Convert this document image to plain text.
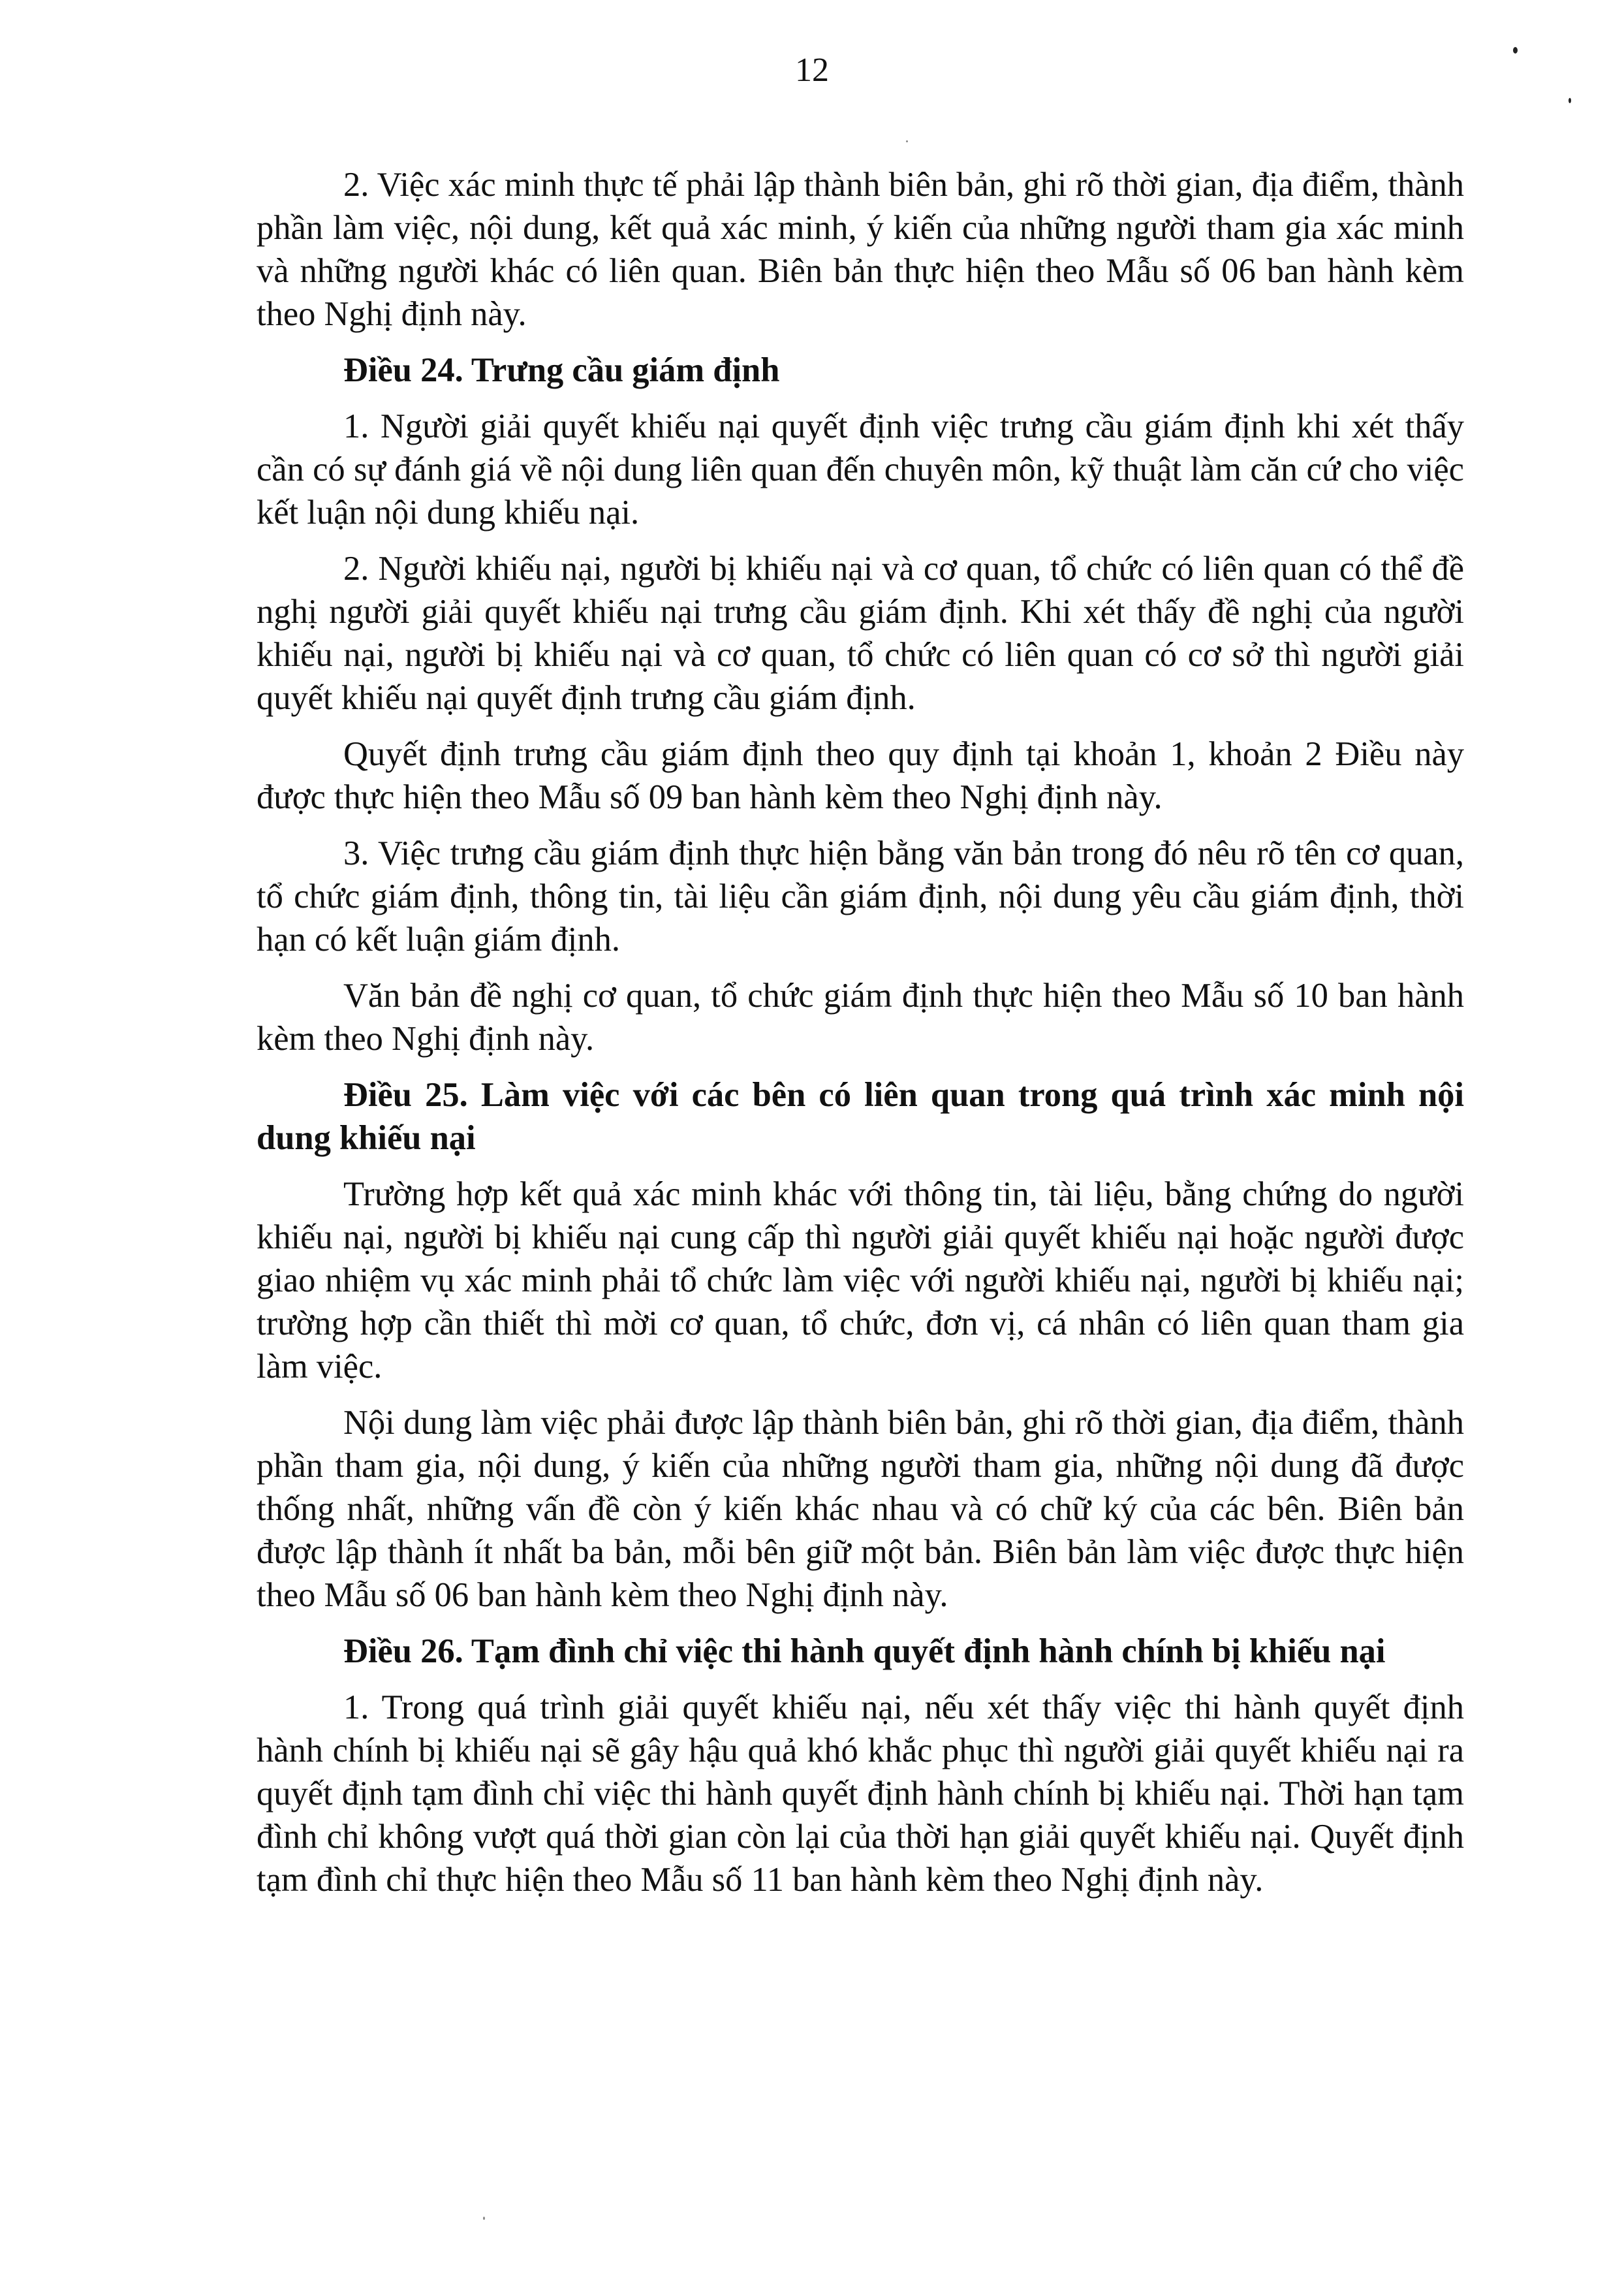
12

2. Việc xác minh thực tế phải lập thành biên bản, ghi rõ thời gian, địa điểm, thành phần làm việc, nội dung, kết quả xác minh, ý kiến của những người tham gia xác minh và những người khác có liên quan. Biên bản thực hiện theo Mẫu số 06 ban hành kèm theo Nghị định này.

Điều 24. Trưng cầu giám định

1. Người giải quyết khiếu nại quyết định việc trưng cầu giám định khi xét thấy cần có sự đánh giá về nội dung liên quan đến chuyên môn, kỹ thuật làm căn cứ cho việc kết luận nội dung khiếu nại.

2. Người khiếu nại, người bị khiếu nại và cơ quan, tổ chức có liên quan có thể đề nghị người giải quyết khiếu nại trưng cầu giám định. Khi xét thấy đề nghị của người khiếu nại, người bị khiếu nại và cơ quan, tổ chức có liên quan có cơ sở thì người giải quyết khiếu nại quyết định trưng cầu giám định.

Quyết định trưng cầu giám định theo quy định tại khoản 1, khoản 2 Điều này được thực hiện theo Mẫu số 09 ban hành kèm theo Nghị định này.

3. Việc trưng cầu giám định thực hiện bằng văn bản trong đó nêu rõ tên cơ quan, tổ chức giám định, thông tin, tài liệu cần giám định, nội dung yêu cầu giám định, thời hạn có kết luận giám định.

Văn bản đề nghị cơ quan, tổ chức giám định thực hiện theo Mẫu số 10 ban hành kèm theo Nghị định này.

Điều 25. Làm việc với các bên có liên quan trong quá trình xác minh nội dung khiếu nại

Trường hợp kết quả xác minh khác với thông tin, tài liệu, bằng chứng do người khiếu nại, người bị khiếu nại cung cấp thì người giải quyết khiếu nại hoặc người được giao nhiệm vụ xác minh phải tổ chức làm việc với người khiếu nại, người bị khiếu nại; trường hợp cần thiết thì mời cơ quan, tổ chức, đơn vị, cá nhân có liên quan tham gia làm việc.

Nội dung làm việc phải được lập thành biên bản, ghi rõ thời gian, địa điểm, thành phần tham gia, nội dung, ý kiến của những người tham gia, những nội dung đã được thống nhất, những vấn đề còn ý kiến khác nhau và có chữ ký của các bên. Biên bản được lập thành ít nhất ba bản, mỗi bên giữ một bản. Biên bản làm việc được thực hiện theo Mẫu số 06 ban hành kèm theo Nghị định này.

Điều 26. Tạm đình chỉ việc thi hành quyết định hành chính bị khiếu nại

1. Trong quá trình giải quyết khiếu nại, nếu xét thấy việc thi hành quyết định hành chính bị khiếu nại sẽ gây hậu quả khó khắc phục thì người giải quyết khiếu nại ra quyết định tạm đình chỉ việc thi hành quyết định hành chính bị khiếu nại. Thời hạn tạm đình chỉ không vượt quá thời gian còn lại của thời hạn giải quyết khiếu nại. Quyết định tạm đình chỉ thực hiện theo Mẫu số 11 ban hành kèm theo Nghị định này.
